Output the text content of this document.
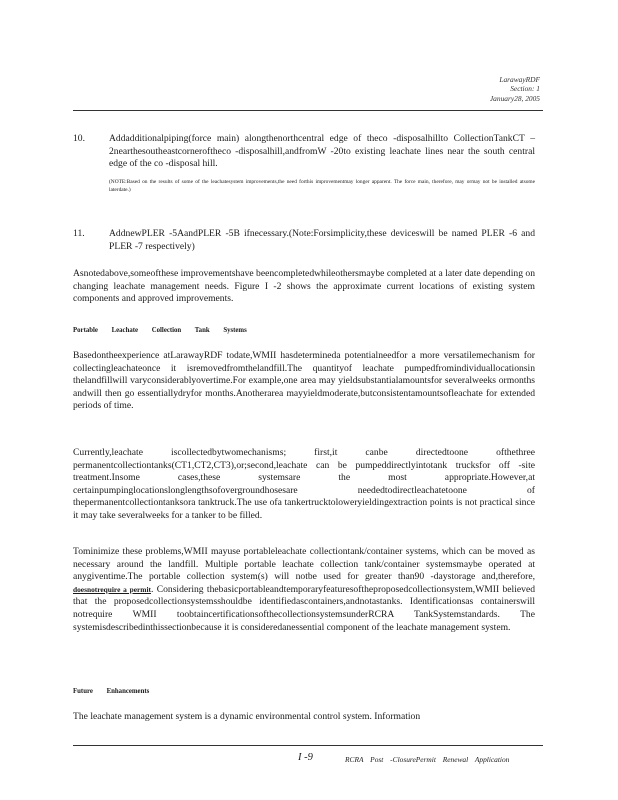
LarawayRDF
Section: 1
January28, 2005
10.	Addadditionalpiping(force main) alongthenorthcentral edge of theco -disposalhillto CollectionTankCT – 2nearthesoutheastcorneroftheco -disposalhill,andfromW -20to existing leachate lines near the south central edge of the co -disposal hill.
(NOTE:Based on the results of some of the leachatesystem improvements,the need forthis improvementmay longer apparent. The force main, therefore, may ormay not be installed atsome laterdate.)
11.	AddnewPLER -5AandPLER -5B ifnecessary.(Note:Forsimplicity,these deviceswill be named PLER -6 and PLER -7 respectively)

Asnotedabove,someofthese improvementshave beencompletedwhileothersmaybe completed at a later date depending on changing leachate management needs. Figure I -2 shows the approximate current locations of existing system components and approved improvements.

Portable Leachate Collection Tank Systems

Basedontheexperience atLarawayRDF todate,WMII hasdetermineda potentialneedfor a more versatilemechanism for collectingleachateonce it isremovedfromthelandfill.The quantityof leachate pumpedfromindividuallocationsin thelandfillwill varyconsiderablyovertime.For example,one area may yieldsubstantialamountsfor severalweeks ormonths andwill then go essentiallydryfor months.Anotherarea mayyieldmoderate,butconsistentamountsofleachate for extended periods of time.

Currently,leachate iscollectedbytwomechanisms; first,it canbe directedtoone ofthethree permanentcollectiontanks(CT1,CT2,CT3),or;second,leachate can be pumpeddirectlyintotank trucksfor off -site treatment.Insome cases,these systemsare the most appropriate.However,at certainpumpinglocationslonglengthsofovergroundhosesare neededtodirectleachatetoone of thepermanentcollectiontanksora tanktruck.The use ofa tankertrucktoloweryieldingextraction points is not practical since it may take severalweeks for a tanker to be filled.

Tominimize these problems,WMII mayuse portableleachate collectiontank/container systems, which can be moved as necessary around the landfill. Multiple portable leachate collection tank/container systemsmaybe operated at anygiventime.The portable collection system(s) will notbe used for greater than90 -daystorage and,therefore, doesnotrequire a permit. Considering thebasicportableandtemporaryfeaturesoftheproposedcollectionsystem,WMII believed that the proposedcollectionsystemsshouldbe identifiedascontainers,andnotastanks. Identificationsas containerswill notrequire WMII toobtaincertificationsofthecollectionsystemsunderRCRA TankSystemstandards. The systemisdescribedinthissectionbecause it is consideredanessential component of the leachate management system.

Future Enhancements

The leachate management system is a dynamic environmental control system. Information

I -9	RCRA Post -ClosurePermit Renewal Application
